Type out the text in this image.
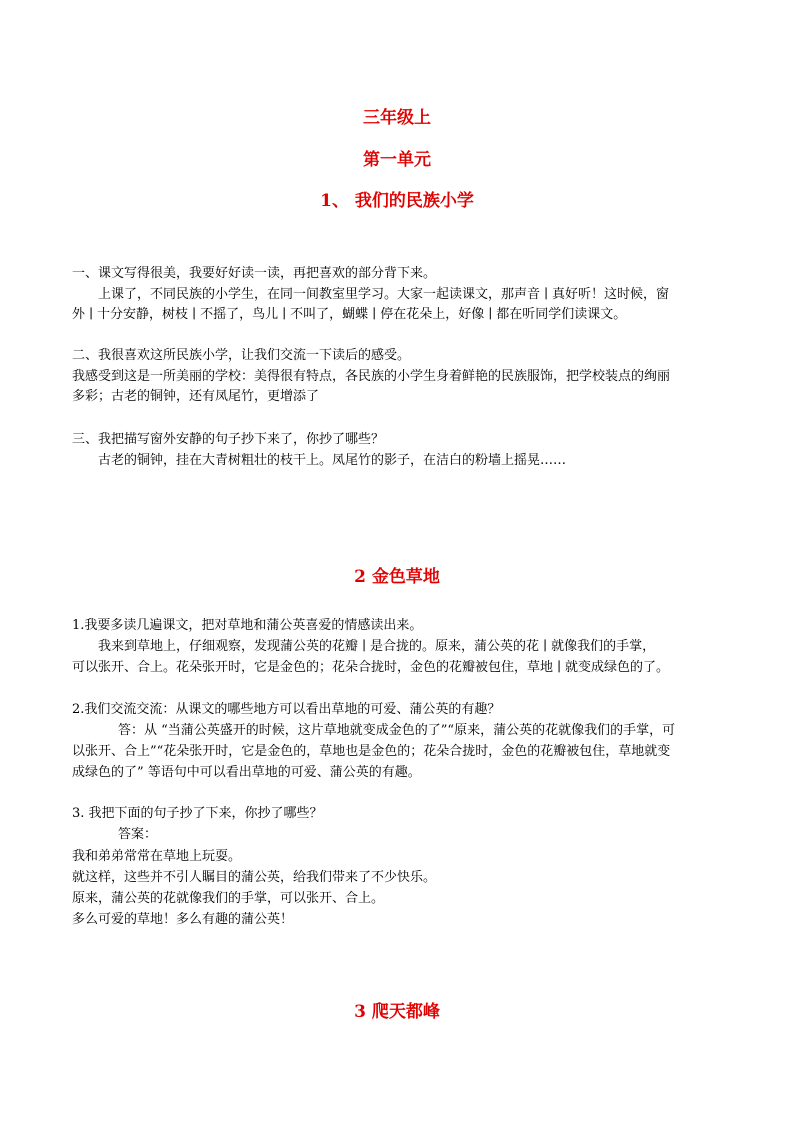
三年级上
第一单元
1、 我们的民族小学
一、课文写得很美，我要好好读一读，再把喜欢的部分背下来。
上课了，不同民族的小学生，在同一间教室里学习。大家一起读课文，那声音 ∣ 真好听！这时候，窗
外 ∣ 十分安静，树枝 ∣ 不摇了，鸟儿 ∣ 不叫了，蝴蝶 ∣ 停在花朵上，好像 ∣ 都在听同学们读课文。
二、我很喜欢这所民族小学，让我们交流一下读后的感受。
我感受到这是一所美丽的学校：美得很有特点，各民族的小学生身着鲜艳的民族服饰，把学校装点的绚丽
多彩；古老的铜钟，还有凤尾竹，更增添了
三、我把描写窗外安静的句子抄下来了，你抄了哪些？
古老的铜钟，挂在大青树粗壮的枝干上。凤尾竹的影子，在洁白的粉墙上摇晃……
2 金色草地
1.我要多读几遍课文，把对草地和蒲公英喜爱的情感读出来。
我来到草地上，仔细观察，发现蒲公英的花瓣 ∣ 是合拢的。原来，蒲公英的花 ∣ 就像我们的手掌，
可以张开、合上。花朵张开时，它是金色的；花朵合拢时，金色的花瓣被包住，草地 ∣ 就变成绿色的了。
2.我们交流交流：从课文的哪些地方可以看出草地的可爱、蒲公英的有趣？
答：从 “当蒲公英盛开的时候，这片草地就变成金色的了”“原来，蒲公英的花就像我们的手掌，可
以张开、合上”“花朵张开时，它是金色的，草地也是金色的；花朵合拢时，金色的花瓣被包住，草地就变
成绿色的了” 等语句中可以看出草地的可爱、蒲公英的有趣。
3. 我把下面的句子抄了下来，你抄了哪些？
答案：
我和弟弟常常在草地上玩耍。
就这样，这些并不引人瞩目的蒲公英，给我们带来了不少快乐。
原来，蒲公英的花就像我们的手掌，可以张开、合上。
多么可爱的草地！多么有趣的蒲公英！
3 爬天都峰
